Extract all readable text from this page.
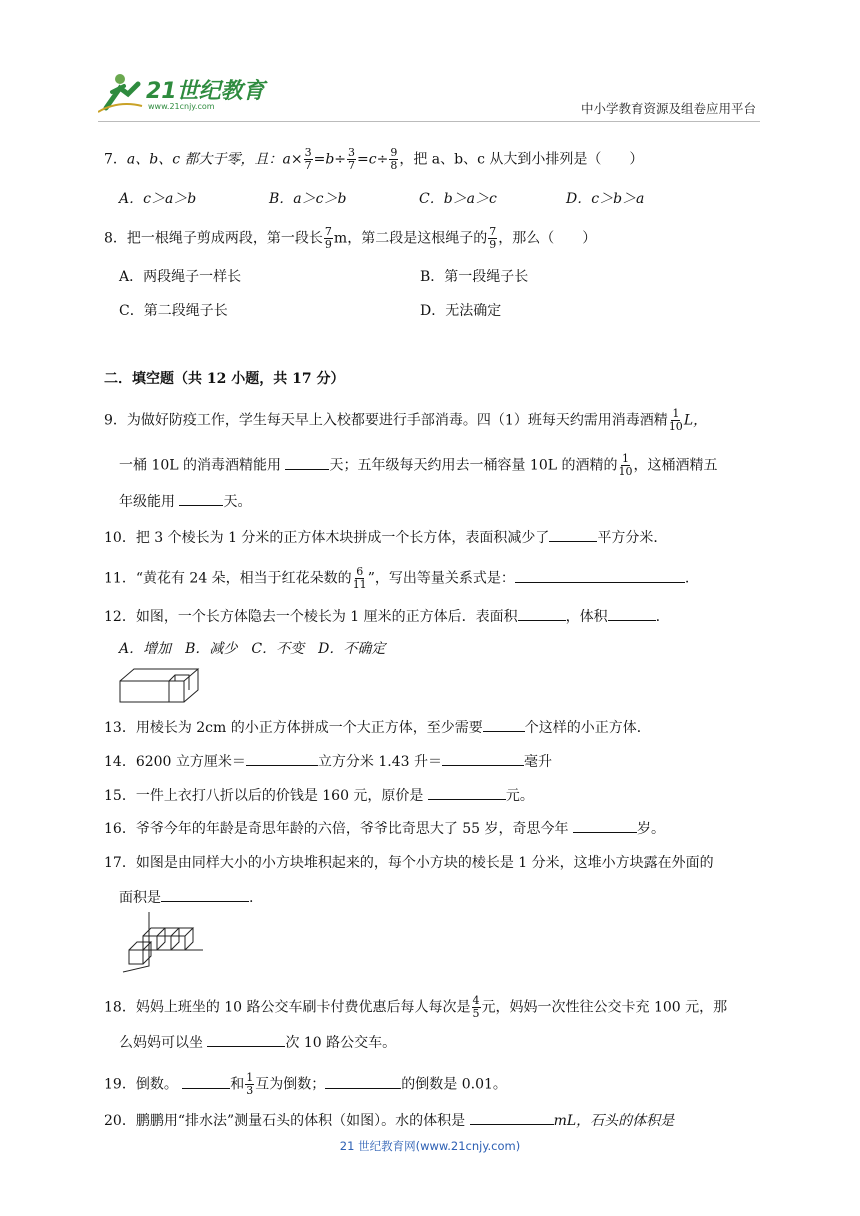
21世纪教育
www.21cnjy.com	中小学教育资源及组卷应用平台
7．a、b、c 都大于零，且：$a\times \frac{3}{7} =b\div \frac{3}{7} =c\div \frac{9}{8}$ ，把 a、b、c 从大到小排列是（　　）
A．c＞a＞b	B．a＞c＞b	C．b＞a＞c	D．c＞b＞a
8．把一根绳子剪成两段，第一段长 $\frac{7}{9}$ m，第二段是这根绳子的 $\frac{7}{9}$ ，那么（　　）
A．两段绳子一样长	B．第一段绳子长
C．第二段绳子长	D．无法确定
二．填空题（共 12 小题，共 17 分）
9．为做好防疫工作，学生每天早上入校都要进行手部消毒。四（1）班每天约需用消毒酒精 $\frac{1}{10}$ L，
一桶 10L 的消毒酒精能用	天；五年级每天约用去一桶容量 10L 的酒精的 $\frac{1}{10}$ ，这桶酒精五
年级能用	天。
10．把 3 个棱长为 1 分米的正方体木块拼成一个长方体，表面积减少了	平方分米．
11．“黄花有 24 朵，相当于红花朵数的 $\frac{6}{11}$ ”，写出等量关系式是：	.
12．如图，一个长方体隐去一个棱长为 1 厘米的正方体后．表面积	，体积	.
A．增加　B．减少　C．不变　D．不确定
13．用棱长为 2cm 的小正方体拼成一个大正方体，至少需要	个这样的小正方体．
14．6200 立方厘米＝	立方分米 1.43 升＝	毫升
15．一件上衣打八折以后的价钱是 160 元，原价是	元。
16．爷爷今年的年龄是奇思年龄的六倍，爷爷比奇思大了 55 岁，奇思今年	岁。
17．如图是由同样大小的小方块堆积起来的，每个小方块的棱长是 1 分米，这堆小方块露在外面的
面积是	.
18．妈妈上班坐的 10 路公交车刷卡付费优惠后每人每次是 $\frac{4}{5}$ 元，妈妈一次性往公交卡充 100 元，那
么妈妈可以坐	次 10 路公交车。
19．倒数。	和 $\frac{1}{3}$ 互为倒数；	的倒数是 0.01。
20．鹏鹏用“排水法”测量石头的体积（如图）。水的体积是	mL，石头的体积是
21 世纪教育网(www.21cnjy.com)
